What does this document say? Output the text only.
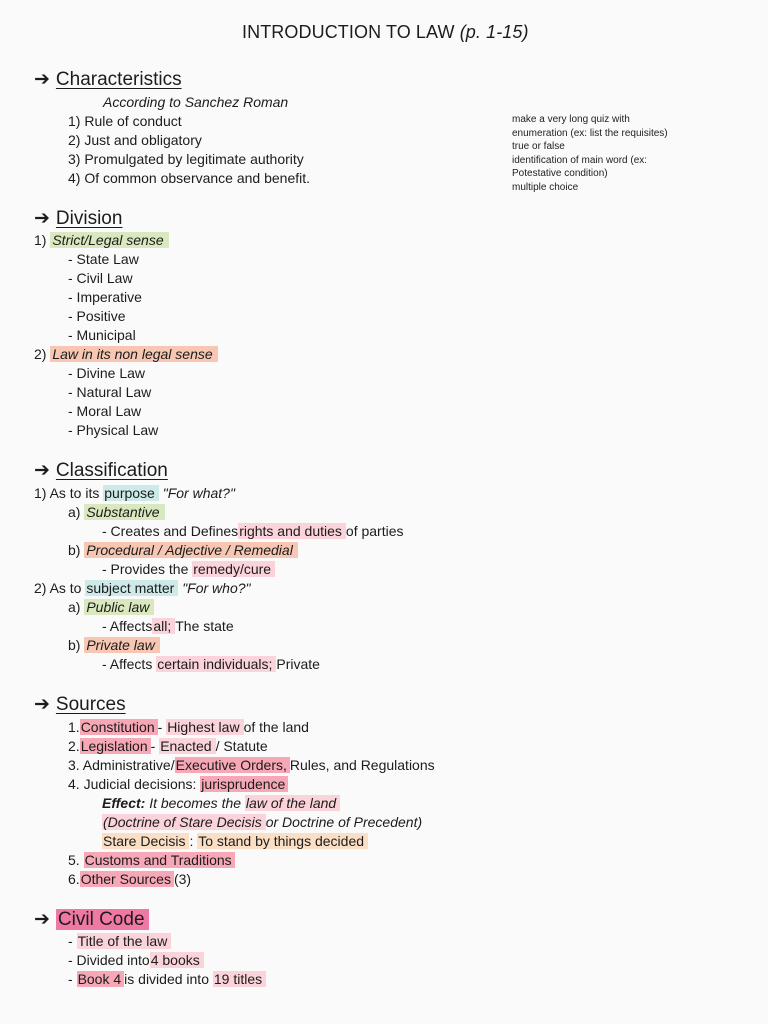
INTRODUCTION TO LAW (p. 1-15)
make a very long quiz with
enumeration (ex: list the requisites)
true or false
identification of main word (ex:
Potestative condition)
multiple choice
➔ Characteristics
According to Sanchez Roman
1) Rule of conduct
2) Just and obligatory
3) Promulgated by legitimate authority
4) Of common observance and benefit.
➔ Division
1) Strict/Legal sense
- State Law
- Civil Law
- Imperative
- Positive
- Municipal
2) Law in its non legal sense
- Divine Law
- Natural Law
- Moral Law
- Physical Law
➔ Classification
1) As to its purpose "For what?"
a) Substantive
- Creates and Definesrights and duties of parties
b) Procedural / Adjective / Remedial
- Provides the remedy/cure
2) As to subject matter "For who?"
a) Public law
- Affectsall; The state
b) Private law
- Affects certain individuals; Private
➔ Sources
1.Constitution - Highest law of the land
2.Legislation - Enacted / Statute
3. Administrative/Executive Orders, Rules, and Regulations
4. Judicial decisions: jurisprudence
Effect: It becomes the law of the land
(Doctrine of Stare Decisis or Doctrine of Precedent)
Stare Decisis : To stand by things decided
5. Customs and Traditions
6.Other Sources (3)
➔ Civil Code
- Title of the law
- Divided into4 books
- Book 4 is divided into 19 titles
